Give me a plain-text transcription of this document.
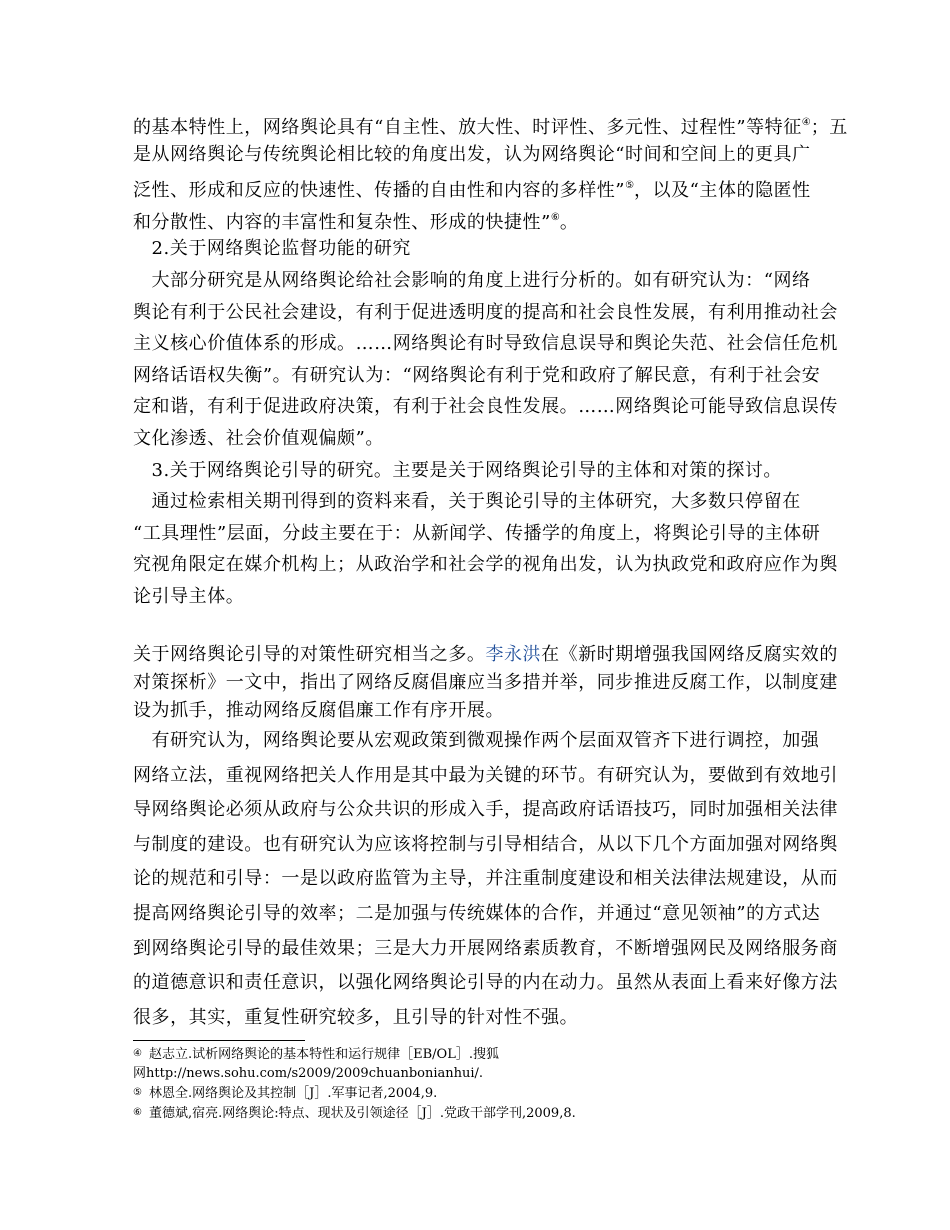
的基本特性上，网络舆论具有“自主性、放大性、时评性、多元性、过程性”等特征④；五
是从网络舆论与传统舆论相比较的角度出发，认为网络舆论“时间和空间上的更具广
泛性、形成和反应的快速性、传播的自由性和内容的多样性”⑤，以及“主体的隐匿性
和分散性、内容的丰富性和复杂性、形成的快捷性”⑥。
　2.关于网络舆论监督功能的研究
　大部分研究是从网络舆论给社会影响的角度上进行分析的。如有研究认为：“网络
舆论有利于公民社会建设，有利于促进透明度的提高和社会良性发展，有利用推动社会
主义核心价值体系的形成。……网络舆论有时导致信息误导和舆论失范、社会信任危机
网络话语权失衡”。有研究认为：“网络舆论有利于党和政府了解民意，有利于社会安
定和谐，有利于促进政府决策，有利于社会良性发展。……网络舆论可能导致信息误传
文化渗透、社会价值观偏颇”。
　3.关于网络舆论引导的研究。主要是关于网络舆论引导的主体和对策的探讨。
　通过检索相关期刊得到的资料来看，关于舆论引导的主体研究，大多数只停留在
“工具理性”层面，分歧主要在于：从新闻学、传播学的角度上，将舆论引导的主体研
究视角限定在媒介机构上；从政治学和社会学的视角出发，认为执政党和政府应作为舆
论引导主体。
关于网络舆论引导的对策性研究相当之多。李永洪在《新时期增强我国网络反腐实效的
对策探析》一文中，指出了网络反腐倡廉应当多措并举，同步推进反腐工作，以制度建
设为抓手，推动网络反腐倡廉工作有序开展。
　有研究认为，网络舆论要从宏观政策到微观操作两个层面双管齐下进行调控，加强
网络立法，重视网络把关人作用是其中最为关键的环节。有研究认为，要做到有效地引
导网络舆论必须从政府与公众共识的形成入手，提高政府话语技巧，同时加强相关法律
与制度的建设。也有研究认为应该将控制与引导相结合，从以下几个方面加强对网络舆
论的规范和引导：一是以政府监管为主导，并注重制度建设和相关法律法规建设，从而
提高网络舆论引导的效率；二是加强与传统媒体的合作，并通过“意见领袖”的方式达
到网络舆论引导的最佳效果；三是大力开展网络素质教育，不断增强网民及网络服务商
的道德意识和责任意识，以强化网络舆论引导的内在动力。虽然从表面上看来好像方法
很多，其实，重复性研究较多，且引导的针对性不强。
④ 赵志立.试析网络舆论的基本特性和运行规律［EB/OL］.搜狐
网http://news.sohu.com/s2009/2009chuanbonianhui/.
⑤ 林恩全.网络舆论及其控制［J］.军事记者,2004,9.
⑥ 董德斌,宿亮.网络舆论:特点、现状及引领途径［J］.党政干部学刊,2009,8.
